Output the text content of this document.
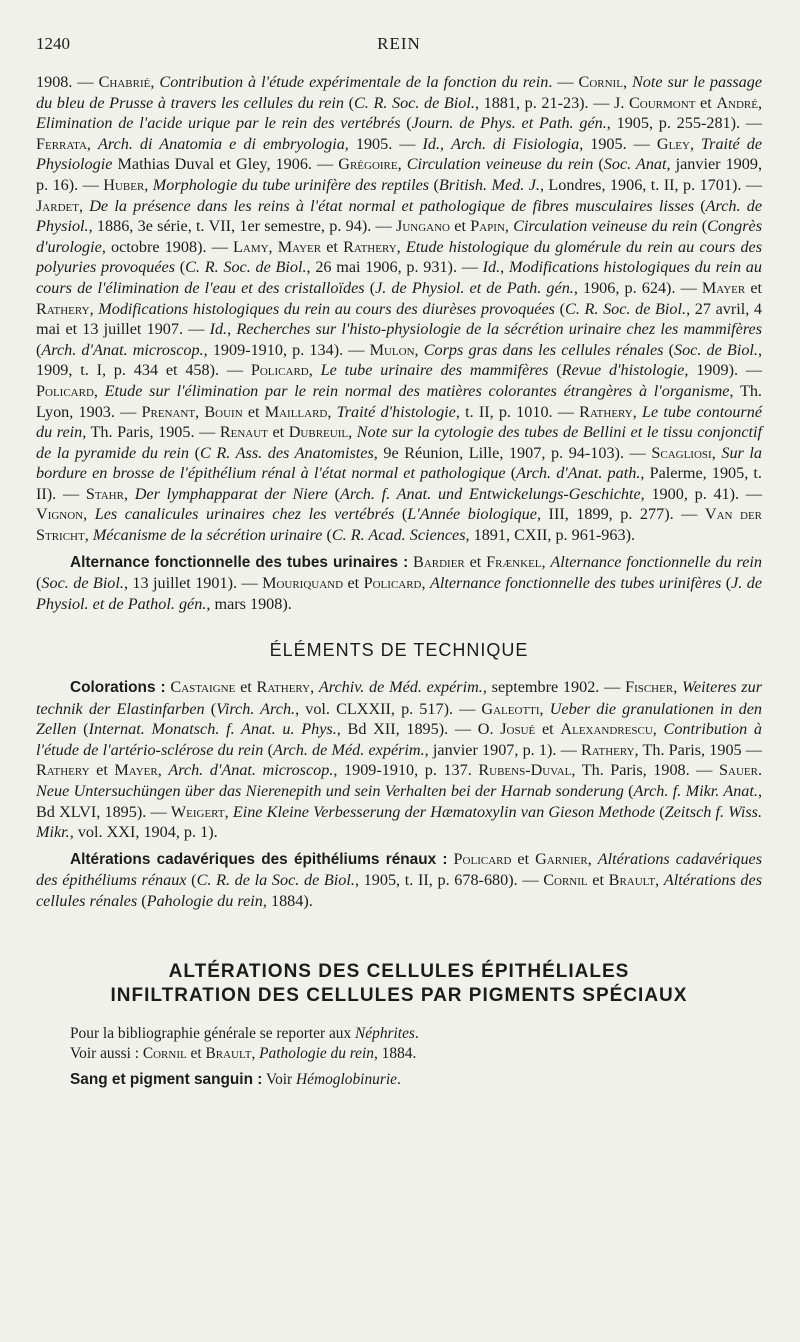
1240	REIN

1908. — Chabrié, Contribution à l'étude expérimentale de la fonction du rein. — Cornil, Note sur le passage du bleu de Prusse à travers les cellules du rein (C. R. Soc. de Biol., 1881, p. 21-23). — J. Courmont et André, Elimination de l'acide urique par le rein des vertébrés (Journ. de Phys. et Path. gén., 1905, p. 255-281). — Ferrata, Arch. di Anatomia e di embryologia, 1905. — Id., Arch. di Fisiologia, 1905. — Gley, Traité de Physiologie Mathias Duval et Gley, 1906. — Grégoire, Circulation veineuse du rein (Soc. Anat, janvier 1909, p. 16). — Huber, Morphologie du tube urinifère des reptiles (British. Med. J., Londres, 1906, t. II, p. 1701). — Jardet, De la présence dans les reins à l'état normal et pathologique de fibres musculaires lisses (Arch. de Physiol., 1886, 3e série, t. VII, 1er semestre, p. 94). — Jungano et Papin, Circulation veineuse du rein (Congrès d'urologie, octobre 1908). — Lamy, Mayer et Rathery, Etude histologique du glomérule du rein au cours des polyuries provoquées (C. R. Soc. de Biol., 26 mai 1906, p. 931). — Id., Modifications histologiques du rein au cours de l'élimination de l'eau et des cristalloïdes (J. de Physiol. et de Path. gén., 1906, p. 624). — Mayer et Rathery, Modifications histologiques du rein au cours des diurèses provoquées (C. R. Soc. de Biol., 27 avril, 4 mai et 13 juillet 1907. — Id., Recherches sur l'histo-physiologie de la sécrétion urinaire chez les mammifères (Arch. d'Anat. microscop., 1909-1910, p. 134). — Mulon, Corps gras dans les cellules rénales (Soc. de Biol., 1909, t. I, p. 434 et 458). — Policard, Le tube urinaire des mammifères (Revue d'histologie, 1909). — Policard, Etude sur l'élimination par le rein normal des matières colorantes étrangères à l'organisme, Th. Lyon, 1903. — Prenant, Bouin et Maillard, Traité d'histologie, t. II, p. 1010. — Rathery, Le tube contourné du rein, Th. Paris, 1905. — Renaut et Dubreuil, Note sur la cytologie des tubes de Bellini et le tissu conjonctif de la pyramide du rein (C R. Ass. des Anatomistes, 9e Réunion, Lille, 1907, p. 94-103). — Scagliosi, Sur la bordure en brosse de l'épithélium rénal à l'état normal et pathologique (Arch. d'Anat. path., Palerme, 1905, t. II). — Stahr, Der lymphapparat der Niere (Arch. f. Anat. und Entwickelungs-Geschichte, 1900, p. 41). — Vignon, Les canalicules urinaires chez les vertébrés (L'Année biologique, III, 1899, p. 277). — Van der Stricht, Mécanisme de la sécrétion urinaire (C. R. Acad. Sciences, 1891, CXII, p. 961-963).

Alternance fonctionnelle des tubes urinaires : Bardier et Frænkel, Alternance fonctionnelle du rein (Soc. de Biol., 13 juillet 1901). — Mouriquand et Policard, Alternance fonctionnelle des tubes urinifères (J. de Physiol. et de Pathol. gén., mars 1908).

ÉLÉMENTS DE TECHNIQUE

Colorations : Castaigne et Rathery, Archiv. de Méd. expérim., septembre 1902. — Fischer, Weiteres zur technik der Elastinfarben (Virch. Arch., vol. CLXXII, p. 517). — Galeotti, Ueber die granulationen in den Zellen (Internat. Monatsch. f. Anat. u. Phys., Bd XII, 1895). — O. Josué et Alexandrescu, Contribution à l'étude de l'artério-sclérose du rein (Arch. de Méd. expérim., janvier 1907, p. 1). — Rathery, Th. Paris, 1905 — Rathery et Mayer, Arch. d'Anat. microscop., 1909-1910, p. 137. Rubens-Duval, Th. Paris, 1908. — Sauer. Neue Untersuchüngen über das Nierenepith und sein Verhalten bei der Harnab sonderung (Arch. f. Mikr. Anat., Bd XLVI, 1895). — Weigert, Eine Kleine Verbesserung der Hæmatoxylin van Gieson Methode (Zeitsch f. Wiss. Mikr., vol. XXI, 1904, p. 1).

Altérations cadavériques des épithéliums rénaux : Policard et Garnier, Altérations cadavériques des épithéliums rénaux (C. R. de la Soc. de Biol., 1905, t. II, p. 678-680). — Cornil et Brault, Altérations des cellules rénales (Pahologie du rein, 1884).

ALTÉRATIONS DES CELLULES ÉPITHÉLIALES
INFILTRATION DES CELLULES PAR PIGMENTS SPÉCIAUX

Pour la bibliographie générale se reporter aux Néphrites.

Voir aussi : Cornil et Brault, Pathologie du rein, 1884.

Sang et pigment sanguin : Voir Hémoglobinurie.
